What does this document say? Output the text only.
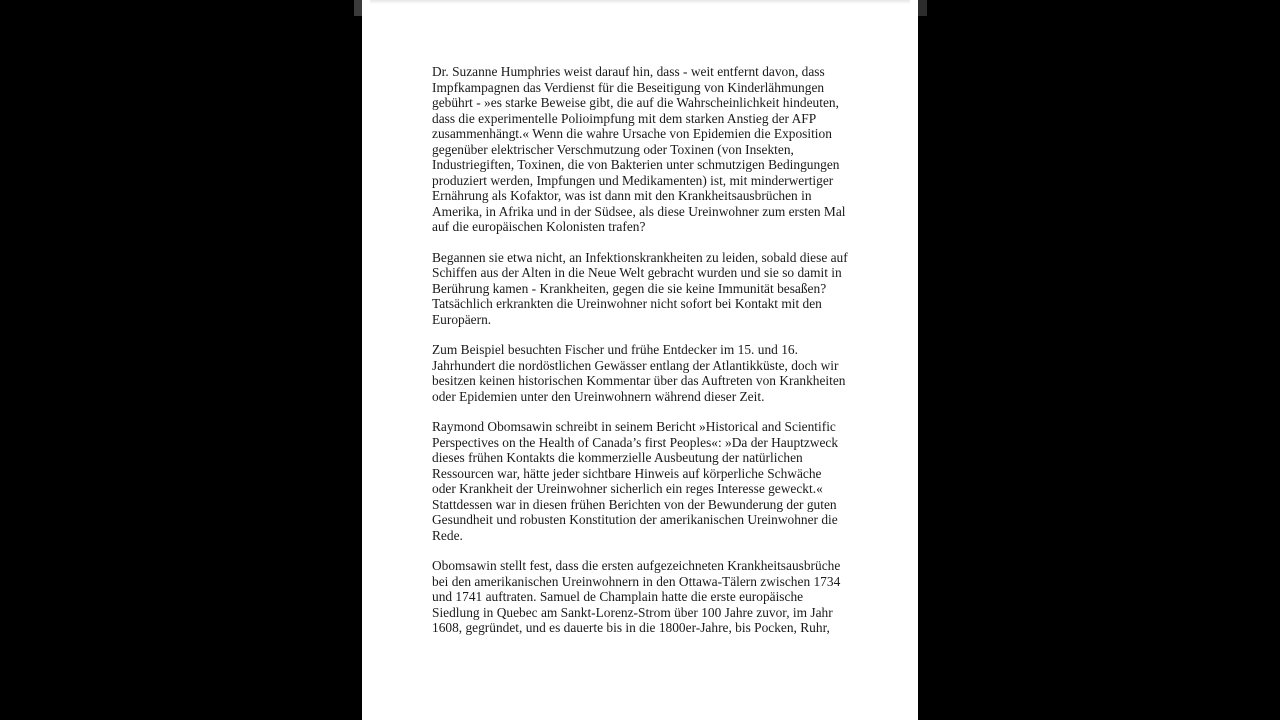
Dr. Suzanne Humphries weist darauf hin, dass - weit entfernt davon, dass Impfkampagnen das Verdienst für die Beseitigung von Kinderlähmungen gebührt - »es starke Beweise gibt, die auf die Wahrscheinlichkeit hindeuten, dass die experimentelle Polioimpfung mit dem starken Anstieg der AFP zusammenhängt.« Wenn die wahre Ursache von Epidemien die Exposition gegenüber elektrischer Verschmutzung oder Toxinen (von Insekten, Industriegiften, Toxinen, die von Bakterien unter schmutzigen Bedingungen produziert werden, Impfungen und Medikamenten) ist, mit minderwertiger Ernährung als Kofaktor, was ist dann mit den Krankheitsausbrüchen in Amerika, in Afrika und in der Südsee, als diese Ureinwohner zum ersten Mal auf die europäischen Kolonisten trafen?

Begannen sie etwa nicht, an Infektionskrankheiten zu leiden, sobald diese auf Schiffen aus der Alten in die Neue Welt gebracht wurden und sie so damit in Berührung kamen - Krankheiten, gegen die sie keine Immunität besaßen? Tatsächlich erkrankten die Ureinwohner nicht sofort bei Kontakt mit den Europäern.

Zum Beispiel besuchten Fischer und frühe Entdecker im 15. und 16. Jahrhundert die nordöstlichen Gewässer entlang der Atlantikküste, doch wir besitzen keinen historischen Kommentar über das Auftreten von Krankheiten oder Epidemien unter den Ureinwohnern während dieser Zeit.

Raymond Obomsawin schreibt in seinem Bericht »Historical and Scientific Perspectives on the Health of Canada’s first Peoples«: »Da der Hauptzweck dieses frühen Kontakts die kommerzielle Ausbeutung der natürlichen Ressourcen war, hätte jeder sichtbare Hinweis auf körperliche Schwäche oder Krankheit der Ureinwohner sicherlich ein reges Interesse geweckt.« Stattdessen war in diesen frühen Berichten von der Bewunderung der guten Gesundheit und robusten Konstitution der amerikanischen Ureinwohner die Rede.

Obomsawin stellt fest, dass die ersten aufgezeichneten Krankheitsausbrüche bei den amerikanischen Ureinwohnern in den Ottawa-Tälern zwischen 1734 und 1741 auftraten. Samuel de Champlain hatte die erste europäische Siedlung in Quebec am Sankt-Lorenz-Strom über 100 Jahre zuvor, im Jahr 1608, gegründet, und es dauerte bis in die 1800er-Jahre, bis Pocken, Ruhr,
